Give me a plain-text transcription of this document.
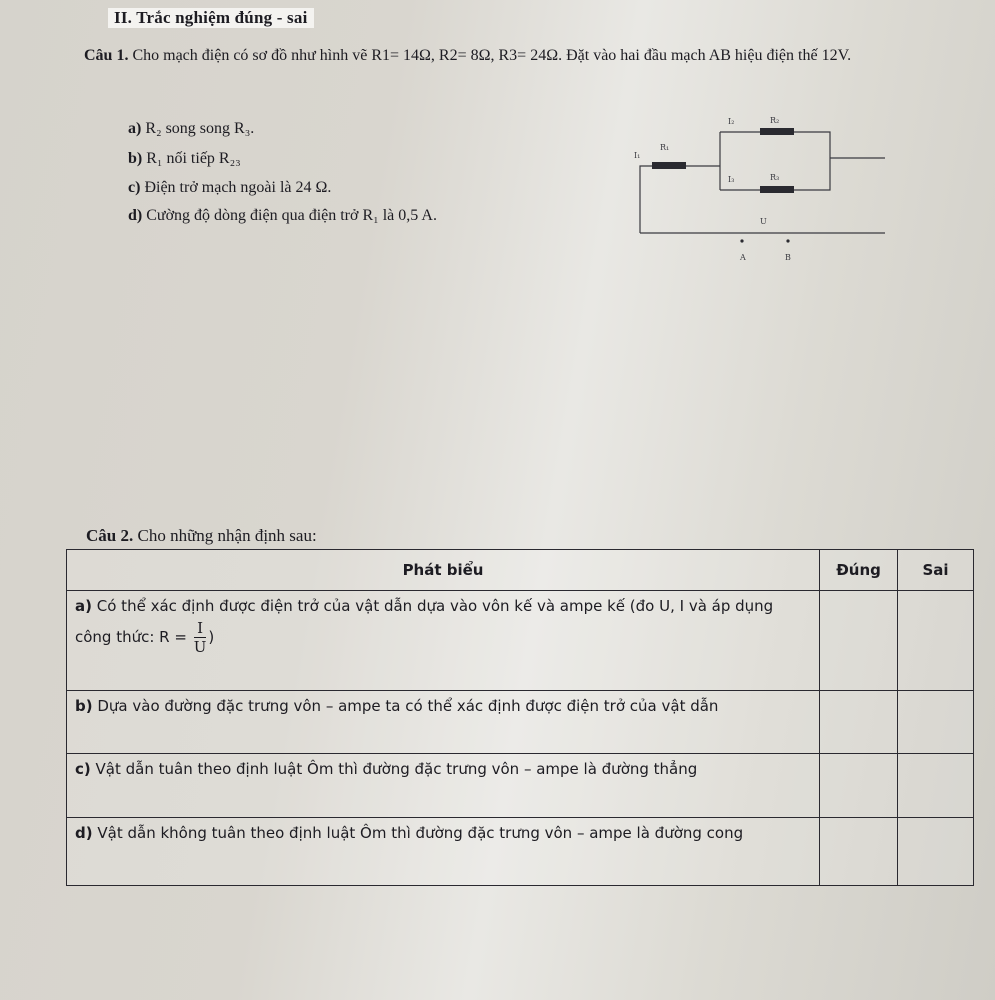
II. Trắc nghiệm đúng - sai
Câu 1. Cho mạch điện có sơ đồ như hình vẽ R1= 14Ω, R2= 8Ω, R3= 24Ω. Đặt vào hai đầu mạch AB hiệu điện thế 12V.
a) R₂ song song R₃.
b) R₁ nối tiếp R₂₃
c) Điện trở mạch ngoài là 24 Ω.
d) Cường độ dòng điện qua điện trở R₁ là 0,5 A.
I₂	R₂
I₁
R₁
I₃	R₃
U
A	B
Câu 2. Cho những nhận định sau:
Phát biểu	Đúng	Sai
a) Có thể xác định được điện trở của vật dẫn dựa vào vôn kế và ampe kế (đo U, I và áp dụng công thức: $R = \frac{I}{U}$ )		
b) Dựa vào đường đặc trưng vôn – ampe ta có thể xác định được điện trở của vật dẫn		
c) Vật dẫn tuân theo định luật Ôm thì đường đặc trưng vôn – ampe là đường thẳng		
d) Vật dẫn không tuân theo định luật Ôm thì đường đặc trưng vôn – ampe là đường cong		
